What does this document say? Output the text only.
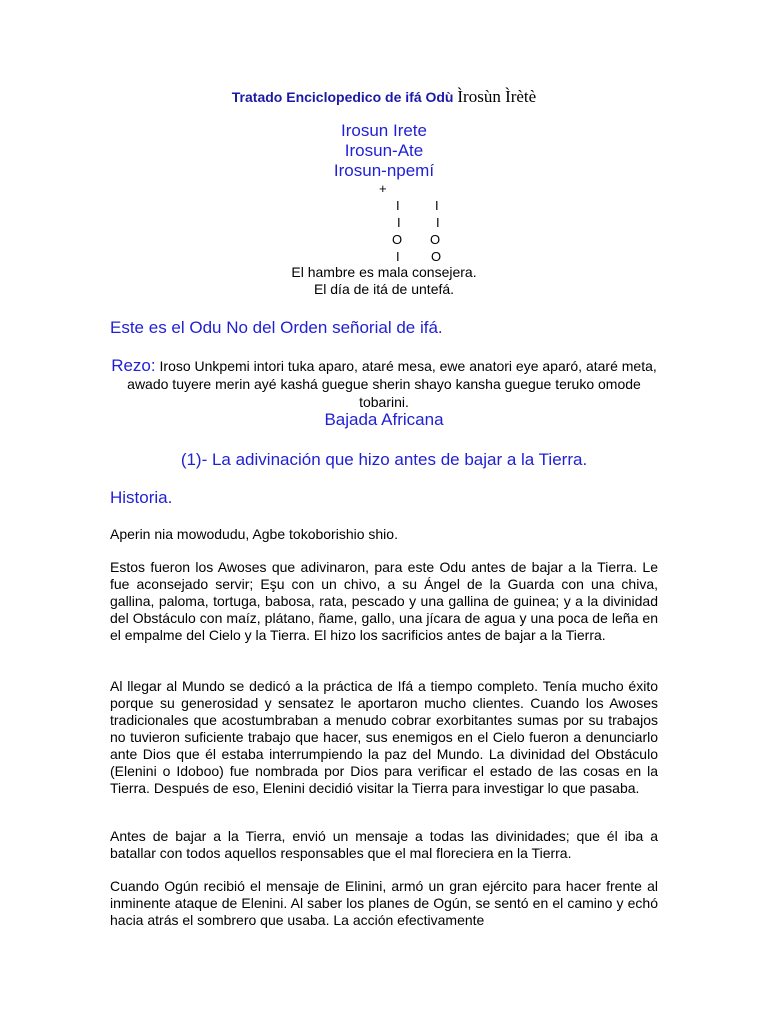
Tratado Enciclopedico de ifá Odù Ìrosùn Ìrètè
Irosun Irete
Irosun-Ate
Irosun-npemí
+
I	I
I	I
O O
I O
El hambre es mala consejera.
El día de itá de untefá.
Este es el Odu No del Orden señorial de ifá.
Rezo: Iroso Unkpemi intori tuka aparo, ataré mesa, ewe anatori eye aparó, ataré meta, awado tuyere merin ayé kashá guegue sherin shayo kansha guegue teruko omode tobarini.
Bajada Africana
(1)- La adivinación que hizo antes de bajar a la Tierra.
Historia.
Aperin nia mowodudu, Agbe tokoborishio shio.
Estos fueron los Awoses que adivinaron, para este Odu antes de bajar a la Tierra. Le fue aconsejado servir; Eşu con un chivo, a su Ángel de la Guarda con una chiva, gallina, paloma, tortuga, babosa, rata, pescado y una gallina de guinea; y a la divinidad del Obstáculo con maíz, plátano, ñame, gallo, una jícara de agua y una poca de leña en el empalme del Cielo y la Tierra. El hizo los sacrificios antes de bajar a la Tierra.
Al llegar al Mundo se dedicó a la práctica de Ifá a tiempo completo. Tenía mucho éxito porque su generosidad y sensatez le aportaron mucho clientes. Cuando los Awoses tradicionales que acostumbraban a menudo cobrar exorbitantes sumas por su trabajos no tuvieron suficiente trabajo que hacer, sus enemigos en el Cielo fueron a denunciarlo ante Dios que él estaba interrumpiendo la paz del Mundo. La divinidad del Obstáculo (Elenini o Idoboo) fue nombrada por Dios para verificar el estado de las cosas en la Tierra. Después de eso, Elenini decidió visitar la Tierra para investigar lo que pasaba.
Antes de bajar a la Tierra, envió un mensaje a todas las divinidades; que él iba a batallar con todos aquellos responsables que el mal floreciera en la Tierra.
Cuando Ogún recibió el mensaje de Elinini, armó un gran ejército para hacer frente al inminente ataque de Elenini. Al saber los planes de Ogún, se sentó en el camino y echó hacia atrás el sombrero que usaba. La acción efectivamente
